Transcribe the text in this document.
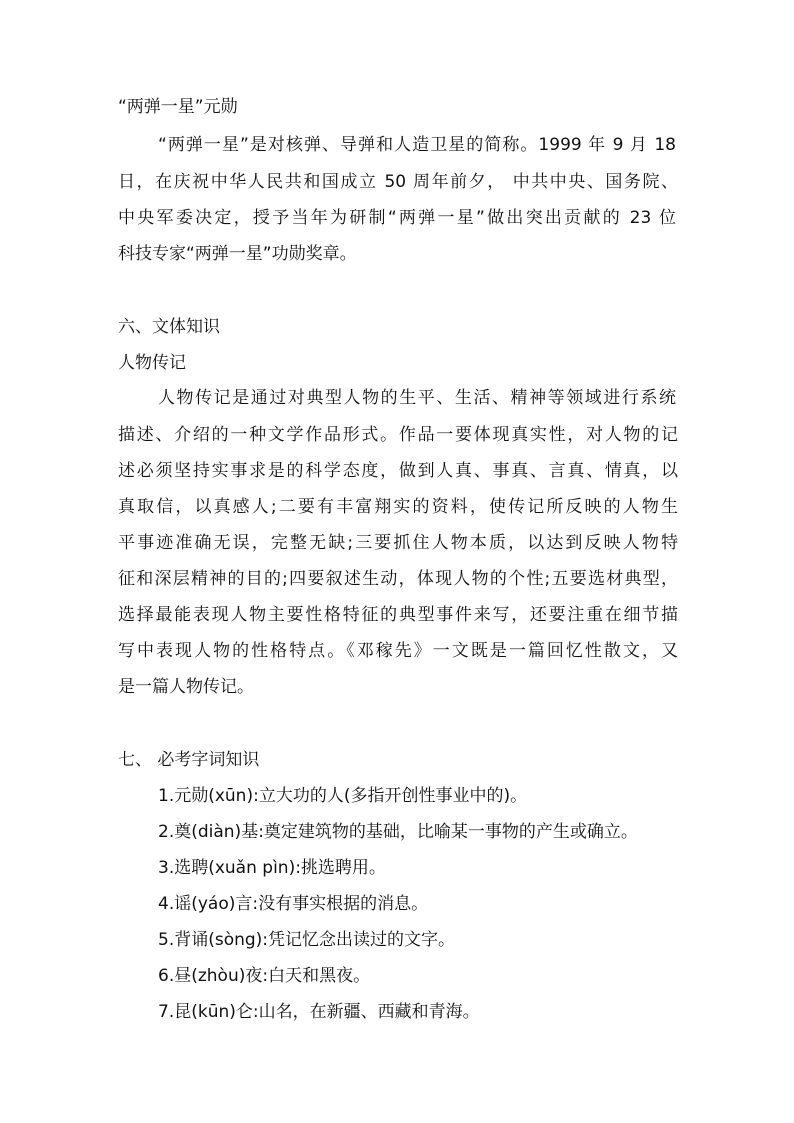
“两弹一星”元勋

“两弹一星”是对核弹、导弹和人造卫星的简称。1999 年 9 月 18

日，在庆祝中华人民共和国成立 50 周年前夕， 中共中央、国务院、

中央军委决定，授予当年为研制“两弹一星”做出突出贡献的 23 位

科技专家“两弹一星”功勋奖章。

六、文体知识

人物传记

人物传记是通过对典型人物的生平、生活、精神等领域进行系统

描述、介绍的一种文学作品形式。作品一要体现真实性，对人物的记

述必须坚持实事求是的科学态度，做到人真、事真、言真、情真，以

真取信，以真感人;二要有丰富翔实的资料，使传记所反映的人物生

平事迹准确无误，完整无缺;三要抓住人物本质，以达到反映人物特

征和深层精神的目的;四要叙述生动，体现人物的个性;五要选材典型，

选择最能表现人物主要性格特征的典型事件来写，还要注重在细节描

写中表现人物的性格特点。《邓稼先》一文既是一篇回忆性散文，又

是一篇人物传记。

七、 必考字词知识

1.元勋(xūn):立大功的人(多指开创性事业中的)。

2.奠(diàn)基:奠定建筑物的基础，比喻某一事物的产生或确立。

3.选聘(xuǎn pìn):挑选聘用。

4.谣(yáo)言:没有事实根据的消息。

5.背诵(sòng):凭记忆念出读过的文字。

6.昼(zhòu)夜:白天和黑夜。

7.昆(kūn)仑:山名，在新疆、西藏和青海。
